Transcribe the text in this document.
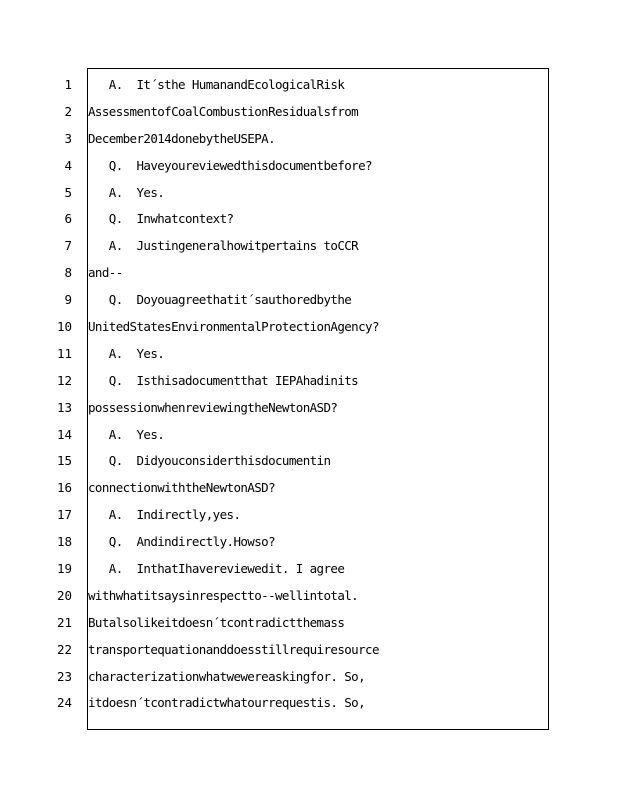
1 A.  It´sthe HumanandEcologicalRisk
2 AssessmentofCoalCombustionResidualsfrom
3 December2014donebytheUSEPA.
4 Q.  Haveyoureviewedthisdocumentbefore?
5 A.  Yes.
6 Q.  Inwhatcontext?
7 A.  Justingeneralhowitpertains toCCR
8 and--
9 Q.  Doyouagreethatit´sauthoredbythe
10 UnitedStatesEnvironmentalProtectionAgency?
11 A.  Yes.
12 Q.  Isthisadocumentthat IEPAhadinits
13 possessionwhenreviewingtheNewtonASD?
14 A.  Yes.
15 Q.  Didyouconsiderthisdocumentin
16 connectionwiththeNewtonASD?
17 A.  Indirectly,yes.
18 Q.  Andindirectly.Howso?
19 A.  InthatIhavereviewedit. I agree
20 withwhatitsaysinrespectto--wellintotal.
21 Butalsolikeitdoesn´tcontradictthemass
22 transportequationanddoesstillrequiresource
23 characterizationwhatwewereaskingfor. So,
24 itdoesn´tcontradictwhatourrequestis. So,
